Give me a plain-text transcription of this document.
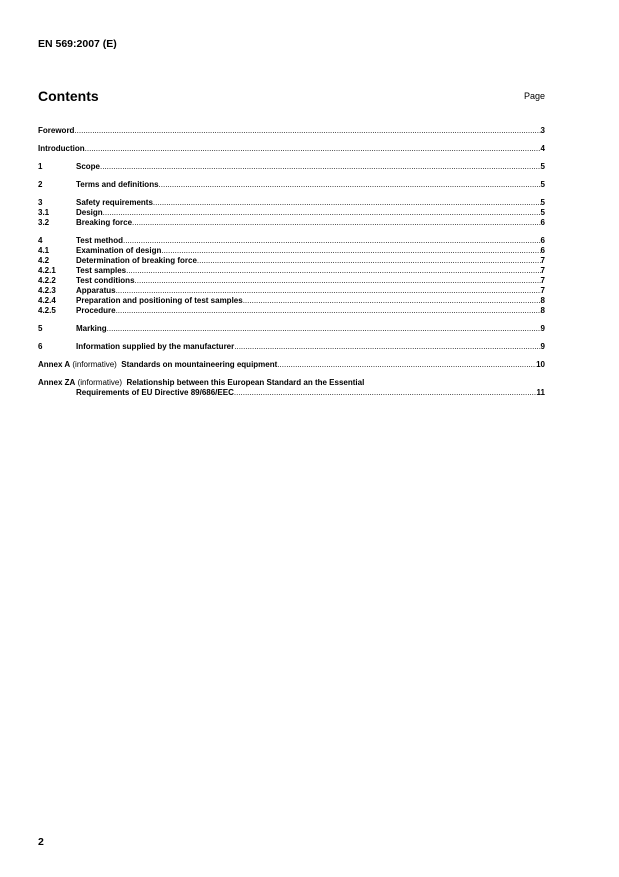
EN 569:2007 (E)
Contents	Page
Foreword .....	3
Introduction .....	4
1	Scope .....	5
2	Terms and definitions .....	5
3	Safety requirements .....	5
3.1	Design .....	5
3.2	Breaking force .....	6
4	Test method .....	6
4.1	Examination of design .....	6
4.2	Determination of breaking force .....	7
4.2.1	Test samples .....	7
4.2.2	Test conditions .....	7
4.2.3	Apparatus .....	7
4.2.4	Preparation and positioning of test samples .....	8
4.2.5	Procedure .....	8
5	Marking .....	9
6	Information supplied by the manufacturer .....	9
Annex A (informative) Standards on mountaineering equipment .....	10
Annex ZA (informative)  Relationship between this European Standard an the Essential
Requirements of EU Directive 89/686/EEC .....	11
2
